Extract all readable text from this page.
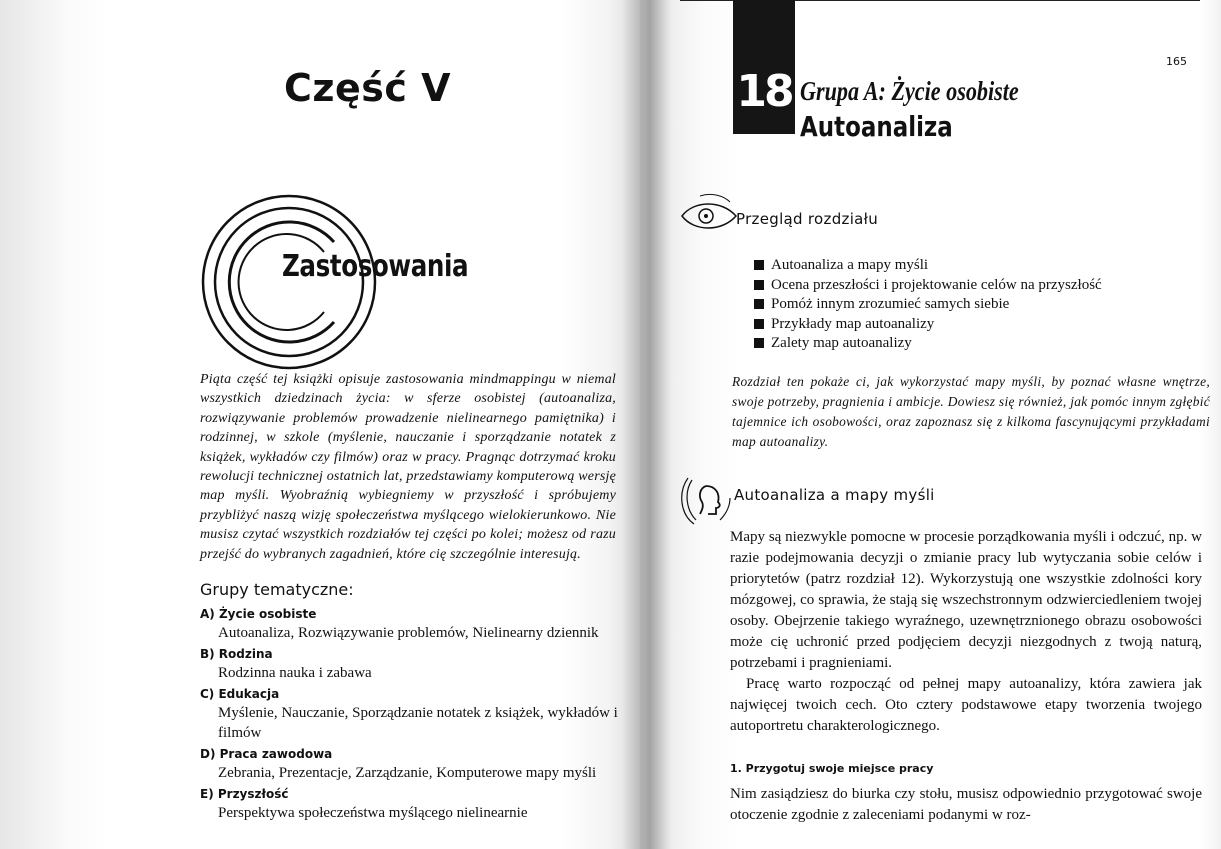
Część V
Zastosowania

Piąta część tej książki opisuje zastosowania mindmappingu w niemal wszystkich dziedzinach życia: w sferze osobistej (autoanaliza, rozwiązywanie problemów prowadzenie nielinearnego pamiętnika) i rodzinnej, w szkole (myślenie, nauczanie i sporządzanie notatek z książek, wykładów czy filmów) oraz w pracy. Pragnąc dotrzymać kroku rewolucji technicznej ostatnich lat, przedstawiamy komputerową wersję map myśli. Wyobraźnią wybiegniemy w przyszłość i spróbujemy przybliżyć naszą wizję społeczeństwa myślącego wielokierunkowo. Nie musisz czytać wszystkich rozdziałów tej części po kolei; możesz od razu przejść do wybranych zagadnień, które cię szczególnie interesują.

Grupy tematyczne:
A) Życie osobiste
Autoanaliza, Rozwiązywanie problemów, Nielinearny dziennik
B) Rodzina
Rodzinna nauka i zabawa
C) Edukacja
Myślenie, Nauczanie, Sporządzanie notatek z książek, wykładów i filmów
D) Praca zawodowa
Zebrania, Prezentacje, Zarządzanie, Komputerowe mapy myśli
E) Przyszłość
Perspektywa społeczeństwa myślącego nielinearnie
165
18 Grupa A: Życie osobiste
Autoanaliza
Przegląd rozdziału
Autoanaliza a mapy myśli
Ocena przeszłości i projektowanie celów na przyszłość
Pomóż innym zrozumieć samych siebie
Przykłady map autoanalizy
Zalety map autoanalizy

Rozdział ten pokaże ci, jak wykorzystać mapy myśli, by poznać własne wnętrze, swoje potrzeby, pragnienia i ambicje. Dowiesz się również, jak pomóc innym zgłębić tajemnice ich osobowości, oraz zapoznasz się z kilkoma fascynującymi przykładami map autoanalizy.

Autoanaliza a mapy myśli

Mapy są niezwykle pomocne w procesie porządkowania myśli i odczuć, np. w razie podejmowania decyzji o zmianie pracy lub wytyczania sobie celów i priorytetów (patrz rozdział 12). Wykorzystują one wszystkie zdolności kory mózgowej, co sprawia, że stają się wszechstronnym odzwierciedleniem twojej osoby. Obejrzenie takiego wyraźnego, uzewnętrznionego obrazu osobowości może cię uchronić przed podjęciem decyzji niezgodnych z twoją naturą, potrzebami i pragnieniami.

Pracę warto rozpocząć od pełnej mapy autoanalizy, która zawiera jak najwięcej twoich cech. Oto cztery podstawowe etapy tworzenia twojego autoportretu charakterologicznego.

1. Przygotuj swoje miejsce pracy

Nim zasiądziesz do biurka czy stołu, musisz odpowiednio przygotować swoje otoczenie zgodnie z zaleceniami podanymi w roz-
